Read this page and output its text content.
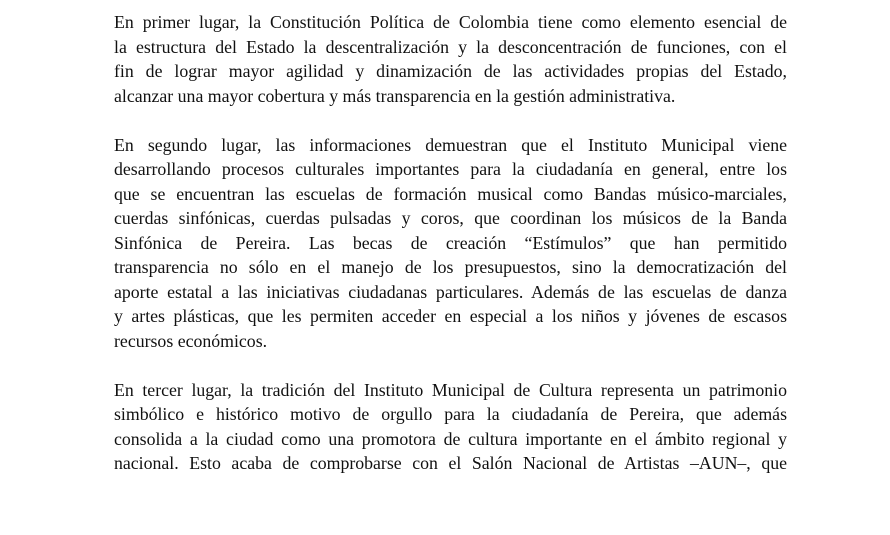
En primer lugar, la Constitución Política de Colombia tiene como elemento esencial de
la estructura del Estado la descentralización y la desconcentración de funciones, con el
fin de lograr mayor agilidad y dinamización de las actividades propias del Estado,
alcanzar una mayor cobertura y más transparencia en la gestión administrativa.

En segundo lugar, las informaciones demuestran que el Instituto Municipal viene
desarrollando procesos culturales importantes para la ciudadanía en general, entre los
que se encuentran las escuelas de formación musical como Bandas músico-marciales,
cuerdas sinfónicas, cuerdas pulsadas y coros, que coordinan los músicos de la Banda
Sinfónica de Pereira. Las becas de creación “Estímulos” que han permitido
transparencia no sólo en el manejo de los presupuestos, sino la democratización del
aporte estatal a las iniciativas ciudadanas particulares. Además de las escuelas de danza
y artes plásticas, que les permiten acceder en especial a los niños y jóvenes de escasos
recursos económicos.

En tercer lugar, la tradición del Instituto Municipal de Cultura representa un patrimonio
simbólico e histórico motivo de orgullo para la ciudadanía de Pereira, que además
consolida a la ciudad como una promotora de cultura importante en el ámbito regional y
nacional. Esto acaba de comprobarse con el Salón Nacional de Artistas –AUN–, que
